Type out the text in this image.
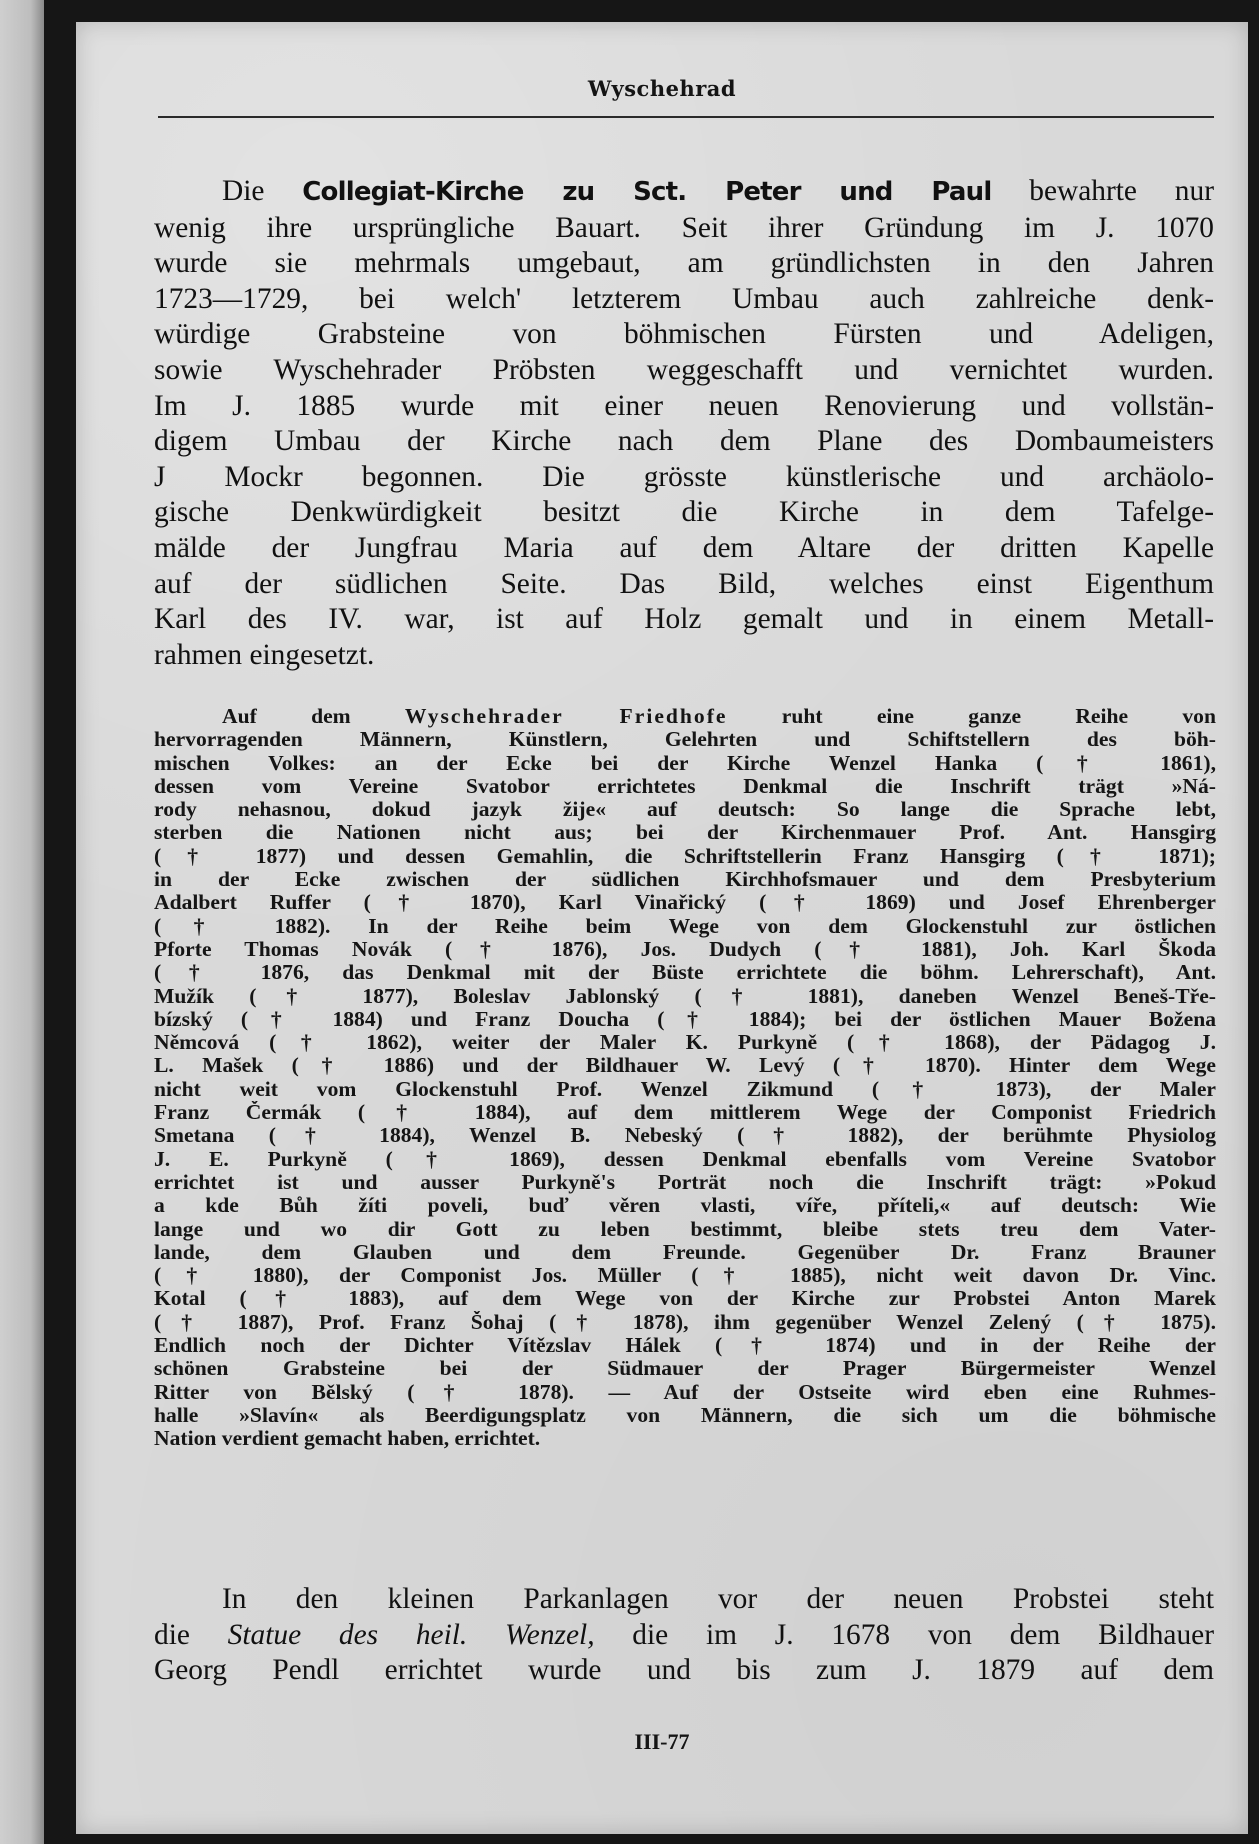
Wyschehrad
Die Collegiat-Kirche zu Sct. Peter und Paul bewahrte nur
wenig ihre ursprüngliche Bauart. Seit ihrer Gründung im J. 1070
wurde sie mehrmals umgebaut, am gründlichsten in den Jahren
1723—1729, bei welch' letzterem Umbau auch zahlreiche denk-
würdige Grabsteine von böhmischen Fürsten und Adeligen,
sowie Wyschehrader Pröbsten weggeschafft und vernichtet wurden.
Im J. 1885 wurde mit einer neuen Renovierung und vollstän-
digem Umbau der Kirche nach dem Plane des Dombaumeisters
J Mockr begonnen. Die grösste künstlerische und archäolo-
gische Denkwürdigkeit besitzt die Kirche in dem Tafelge-
mälde der Jungfrau Maria auf dem Altare der dritten Kapelle
auf der südlichen Seite. Das Bild, welches einst Eigenthum
Karl des IV. war, ist auf Holz gemalt und in einem Metall-
rahmen eingesetzt.
Auf dem Wyschehrader Friedhofe ruht eine ganze Reihe von
hervorragenden Männern, Künstlern, Gelehrten und Schiftstellern des böh-
mischen Volkes: an der Ecke bei der Kirche Wenzel Hanka († 1861),
dessen vom Vereine Svatobor errichtetes Denkmal die Inschrift trägt »Ná-
rody nehasnou, dokud jazyk žije« auf deutsch: So lange die Sprache lebt,
sterben die Nationen nicht aus; bei der Kirchenmauer Prof. Ant. Hansgirg
(† 1877) und dessen Gemahlin, die Schriftstellerin Franz Hansgirg († 1871);
in der Ecke zwischen der südlichen Kirchhofsmauer und dem Presbyterium
Adalbert Ruffer († 1870), Karl Vinařický († 1869) und Josef Ehrenberger
(† 1882). In der Reihe beim Wege von dem Glockenstuhl zur östlichen
Pforte Thomas Novák († 1876), Jos. Dudych († 1881), Joh. Karl Škoda
(† 1876, das Denkmal mit der Büste errichtete die böhm. Lehrerschaft), Ant.
Mužík († 1877), Boleslav Jablonský († 1881), daneben Wenzel Beneš-Tře-
bízský († 1884) und Franz Doucha († 1884); bei der östlichen Mauer Božena
Němcová († 1862), weiter der Maler K. Purkyně († 1868), der Pädagog J.
L. Mašek († 1886) und der Bildhauer W. Levý († 1870). Hinter dem Wege
nicht weit vom Glockenstuhl Prof. Wenzel Zikmund († 1873), der Maler
Franz Čermák († 1884), auf dem mittlerem Wege der Componist Friedrich
Smetana († 1884), Wenzel B. Nebeský († 1882), der berühmte Physiolog
J. E. Purkyně († 1869), dessen Denkmal ebenfalls vom Vereine Svatobor
errichtet ist und ausser Purkyně's Porträt noch die Inschrift trägt: »Pokud
a kde Bůh žíti poveli, buď věren vlasti, víře, příteli,« auf deutsch: Wie
lange und wo dir Gott zu leben bestimmt, bleibe stets treu dem Vater-
lande, dem Glauben und dem Freunde. Gegenüber Dr. Franz Brauner
(† 1880), der Componist Jos. Müller († 1885), nicht weit davon Dr. Vinc.
Kotal († 1883), auf dem Wege von der Kirche zur Probstei Anton Marek
(† 1887), Prof. Franz Šohaj († 1878), ihm gegenüber Wenzel Zelený († 1875).
Endlich noch der Dichter Vítězslav Hálek († 1874) und in der Reihe der
schönen Grabsteine bei der Südmauer der Prager Bürgermeister Wenzel
Ritter von Bělský († 1878). — Auf der Ostseite wird eben eine Ruhmes-
halle »Slavín« als Beerdigungsplatz von Männern, die sich um die böhmische
Nation verdient gemacht haben, errichtet.
In den kleinen Parkanlagen vor der neuen Probstei steht
die Statue des heil. Wenzel, die im J. 1678 von dem Bildhauer
Georg Pendl errichtet wurde und bis zum J. 1879 auf dem
III-77
